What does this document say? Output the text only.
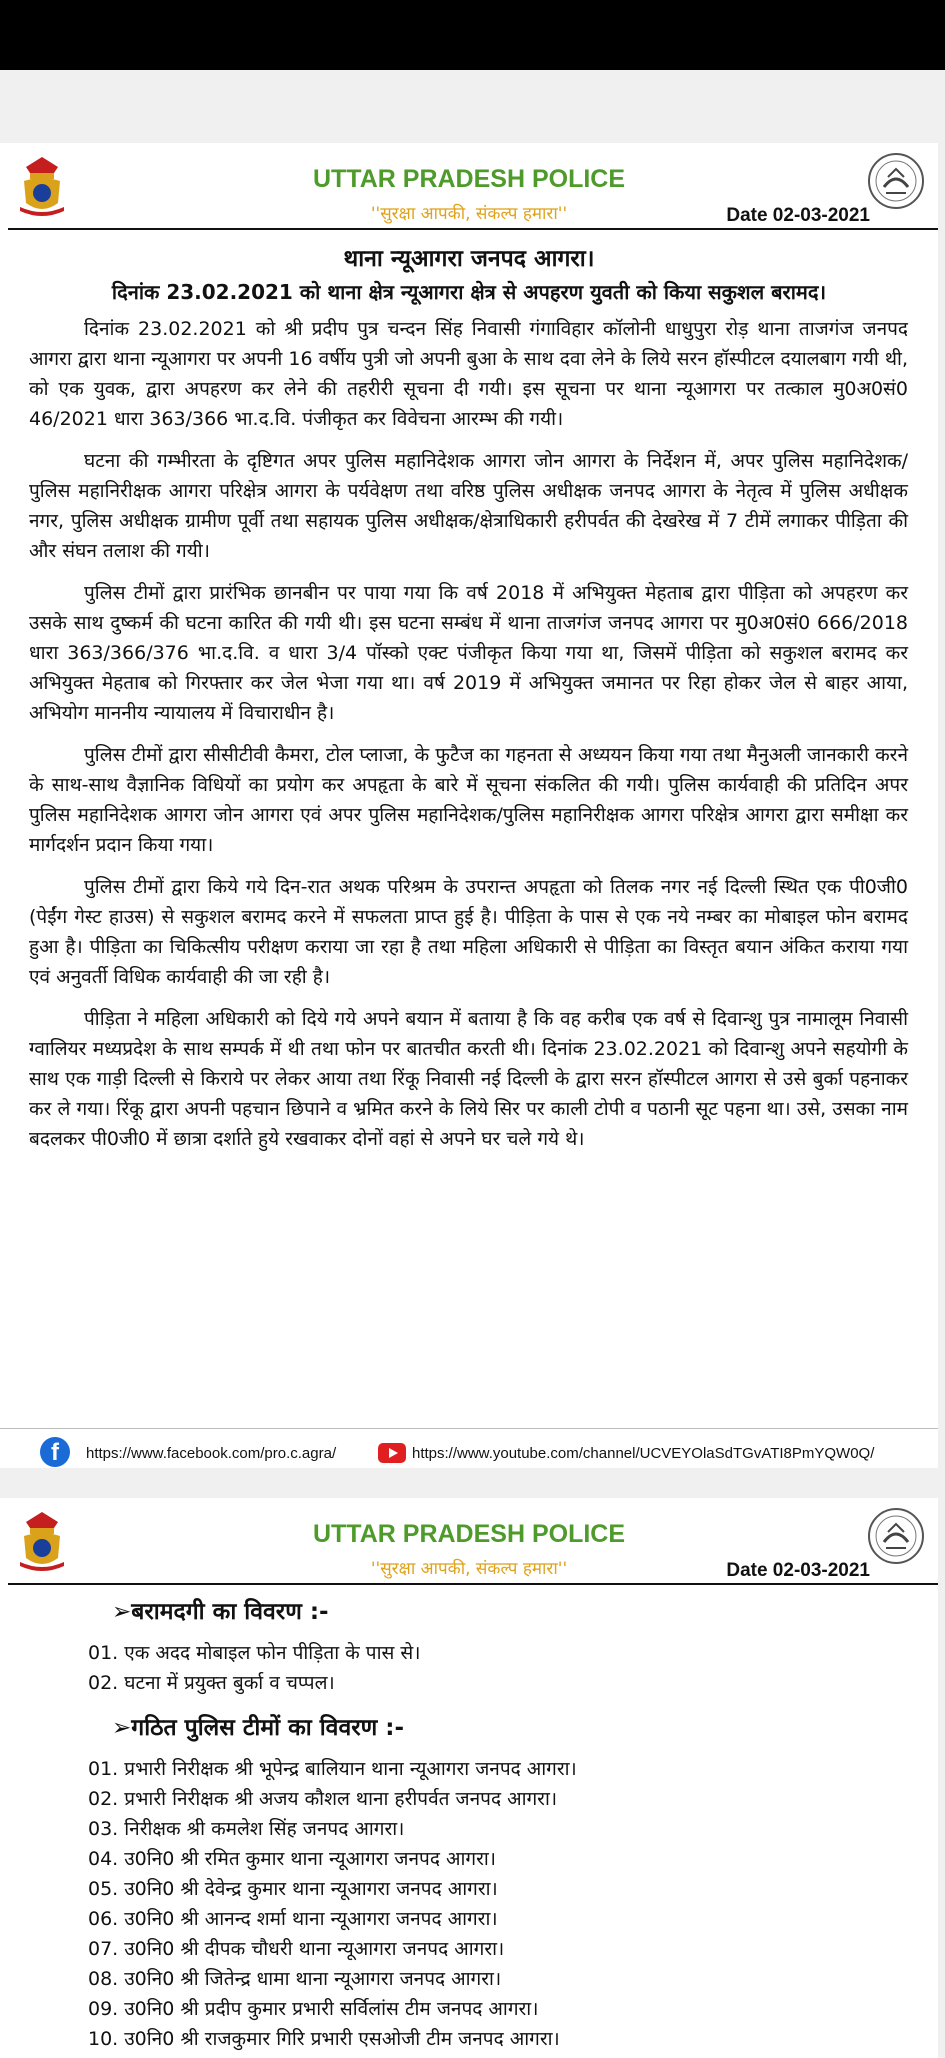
UTTAR PRADESH POLICE
''सुरक्षा आपकी, संकल्प हमारा''	Date 02-03-2021
थाना न्यूआगरा जनपद आगरा।
दिनांक 23.02.2021 को थाना क्षेत्र न्यूआगरा क्षेत्र से अपहरण युवती को किया सकुशल बरामद।
दिनांक 23.02.2021 को श्री प्रदीप पुत्र चन्दन सिंह निवासी गंगाविहार कॉलोनी धाधुपुरा रोड़ थाना ताजगंज जनपद आगरा द्वारा थाना न्यूआगरा पर अपनी 16 वर्षीय पुत्री जो अपनी बुआ के साथ दवा लेने के लिये सरन हॉस्पीटल दयालबाग गयी थी, को एक युवक, द्वारा अपहरण कर लेने की तहरीरी सूचना दी गयी। इस सूचना पर थाना न्यूआगरा पर तत्काल मु0अ0सं0 46/2021 धारा 363/366 भा.द.वि. पंजीकृत कर विवेचना आरम्भ की गयी।
घटना की गम्भीरता के दृष्टिगत अपर पुलिस महानिदेशक आगरा जोन आगरा के निर्देशन में, अपर पुलिस महानिदेशक/पुलिस महानिरीक्षक आगरा परिक्षेत्र आगरा के पर्यवेक्षण तथा वरिष्ठ पुलिस अधीक्षक जनपद आगरा के नेतृत्व में पुलिस अधीक्षक नगर, पुलिस अधीक्षक ग्रामीण पूर्वी तथा सहायक पुलिस अधीक्षक/क्षेत्राधिकारी हरीपर्वत की देखरेख में 7 टीमें लगाकर पीड़िता की और संघन तलाश की गयी।
पुलिस टीमों द्वारा प्रारंभिक छानबीन पर पाया गया कि वर्ष 2018 में अभियुक्त मेहताब द्वारा पीड़िता को अपहरण कर उसके साथ दुष्कर्म की घटना कारित की गयी थी। इस घटना सम्बंध में थाना ताजगंज जनपद आगरा पर मु0अ0सं0 666/2018 धारा 363/366/376 भा.द.वि. व धारा 3/4 पॉस्को एक्ट पंजीकृत किया गया था, जिसमें पीड़िता को सकुशल बरामद कर अभियुक्त मेहताब को गिरफ्तार कर जेल भेजा गया था। वर्ष 2019 में अभियुक्त जमानत पर रिहा होकर जेल से बाहर आया, अभियोग माननीय न्यायालय में विचाराधीन है।
पुलिस टीमों द्वारा सीसीटीवी कैमरा, टोल प्लाजा, के फुटैज का गहनता से अध्ययन किया गया तथा मैनुअली जानकारी करने के साथ-साथ वैज्ञानिक विधियों का प्रयोग कर अपहृता के बारे में सूचना संकलित की गयी। पुलिस कार्यवाही की प्रतिदिन अपर पुलिस महानिदेशक आगरा जोन आगरा एवं अपर पुलिस महानिदेशक/पुलिस महानिरीक्षक आगरा परिक्षेत्र आगरा द्वारा समीक्षा कर मार्गदर्शन प्रदान किया गया।
पुलिस टीमों द्वारा किये गये दिन-रात अथक परिश्रम के उपरान्त अपहृता को तिलक नगर नई दिल्ली स्थित एक पी0जी0 (पेईंग गेस्ट हाउस) से सकुशल बरामद करने में सफलता प्राप्त हुई है। पीड़िता के पास से एक नये नम्बर का मोबाइल फोन बरामद हुआ है। पीड़िता का चिकित्सीय परीक्षण कराया जा रहा है तथा महिला अधिकारी से पीड़िता का विस्तृत बयान अंकित कराया गया एवं अनुवर्ती विधिक कार्यवाही की जा रही है।
पीड़िता ने महिला अधिकारी को दिये गये अपने बयान में बताया है कि वह करीब एक वर्ष से दिवान्शु पुत्र नामालूम निवासी ग्वालियर मध्यप्रदेश के साथ सम्पर्क में थी तथा फोन पर बातचीत करती थी। दिनांक 23.02.2021 को दिवान्शु अपने सहयोगी के साथ एक गाड़ी दिल्ली से किराये पर लेकर आया तथा रिंकू निवासी नई दिल्ली के द्वारा सरन हॉस्पीटल आगरा से उसे बुर्का पहनाकर कर ले गया। रिंकू द्वारा अपनी पहचान छिपाने व भ्रमित करने के लिये सिर पर काली टोपी व पठानी सूट पहना था। उसे, उसका नाम बदलकर पी0जी0 में छात्रा दर्शाते हुये रखवाकर दोनों वहां से अपने घर चले गये थे।
f	https://www.facebook.com/pro.c.agra/	https://www.youtube.com/channel/UCVEYOlaSdTGvATI8PmYQW0Q/
UTTAR PRADESH POLICE
''सुरक्षा आपकी, संकल्प हमारा''	Date 02-03-2021
➢बरामदगी का विवरण :-
01. एक अदद मोबाइल फोन पीड़िता के पास से।
02. घटना में प्रयुक्त बुर्का व चप्पल।
➢गठित पुलिस टीमों का विवरण :-
01. प्रभारी निरीक्षक श्री भूपेन्द्र बालियान थाना न्यूआगरा जनपद आगरा।
02. प्रभारी निरीक्षक श्री अजय कौशल थाना हरीपर्वत जनपद आगरा।
03. निरीक्षक श्री कमलेश सिंह जनपद आगरा।
04. उ0नि0 श्री रमित कुमार थाना न्यूआगरा जनपद आगरा।
05. उ0नि0 श्री देवेन्द्र कुमार थाना न्यूआगरा जनपद आगरा।
06. उ0नि0 श्री आनन्द शर्मा थाना न्यूआगरा जनपद आगरा।
07. उ0नि0 श्री दीपक चौधरी थाना न्यूआगरा जनपद आगरा।
08. उ0नि0 श्री जितेन्द्र धामा थाना न्यूआगरा जनपद आगरा।
09. उ0नि0 श्री प्रदीप कुमार प्रभारी सर्विलांस टीम जनपद आगरा।
10. उ0नि0 श्री राजकुमार गिरि प्रभारी एसओजी टीम जनपद आगरा।
